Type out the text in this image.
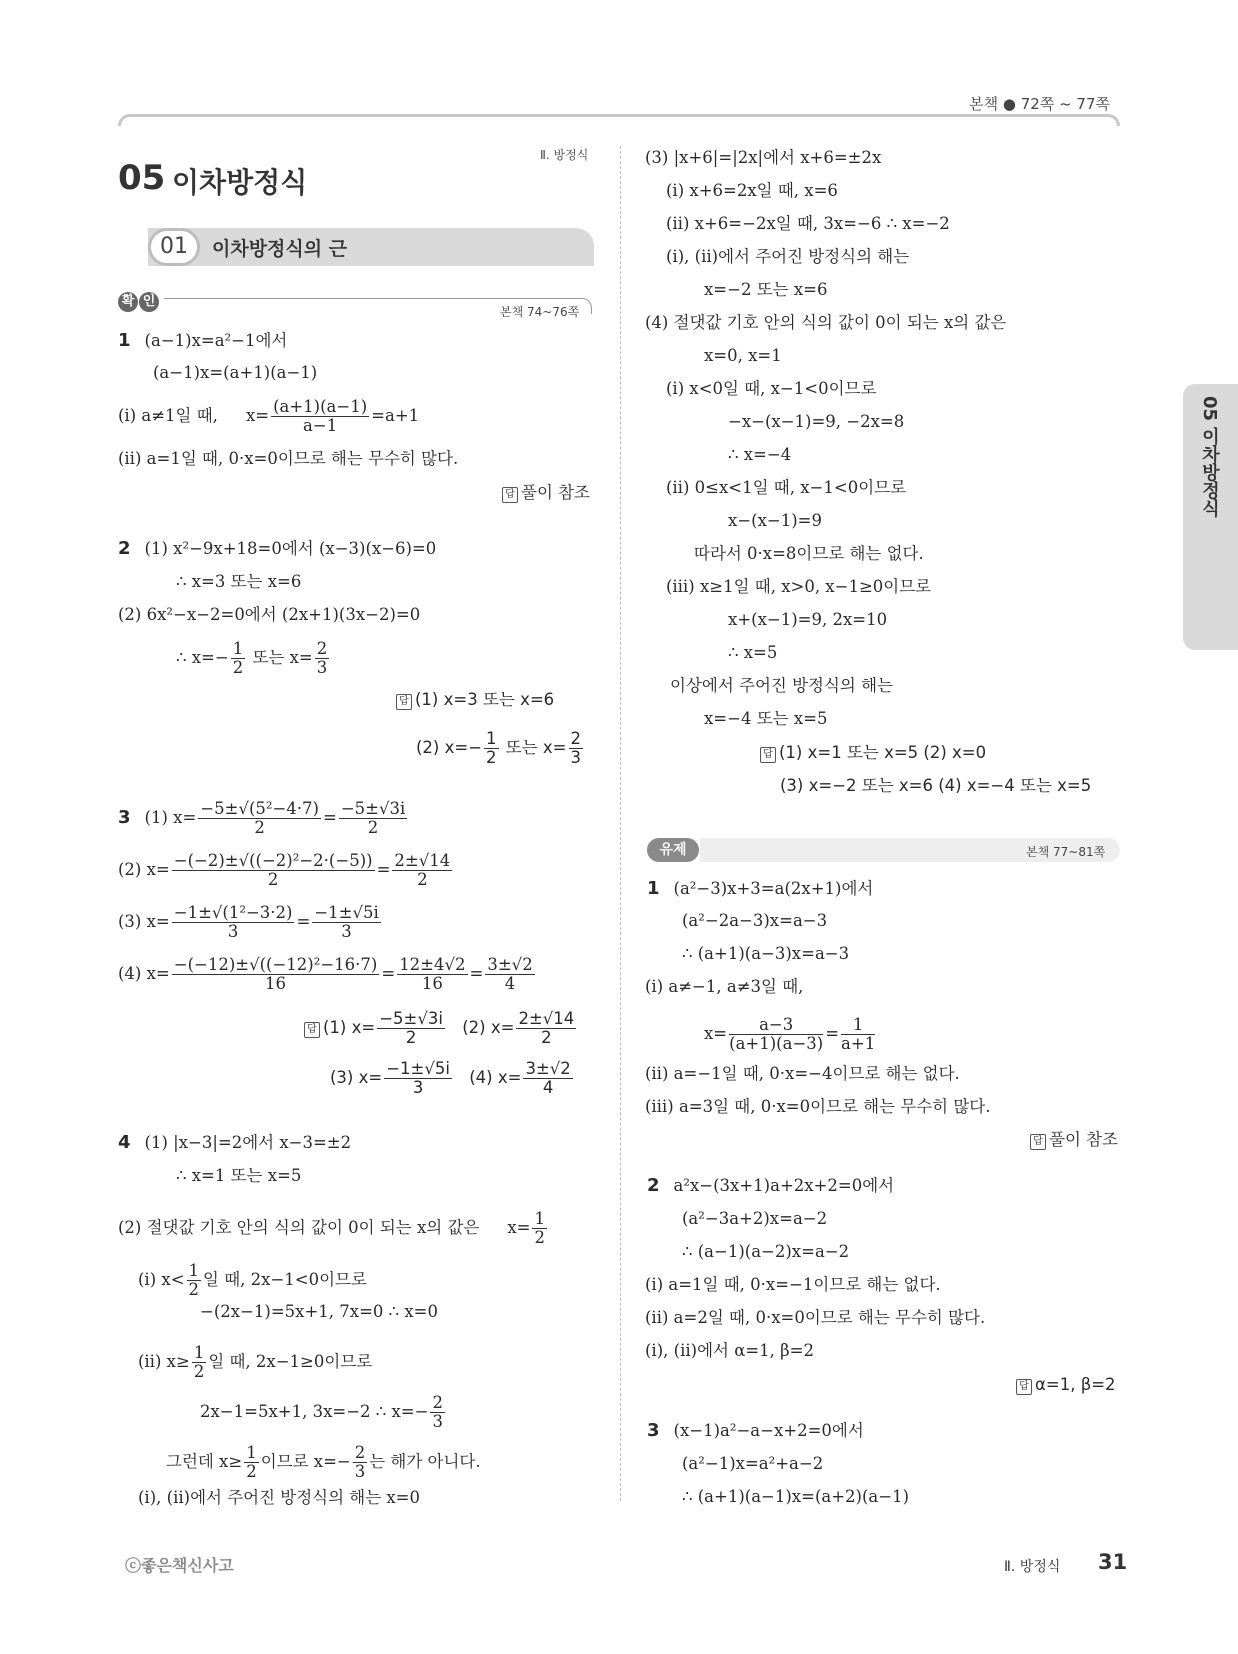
본책 ● 72쪽 ~ 77쪽
05 이차방정식
Ⅱ. 방정식
01	이차방정식의 근
확 인
본책 74~76쪽
05 이차방정식
1 (a−1)x=a²−1에서
(a−1)x=(a+1)(a−1)
(ⅰ) a≠1일 때, $x= \frac{(a+1)(a-1)}{a-1} =a+1$
(ⅱ) a=1일 때, 0·x=0이므로 해는 무수히 많다.
답 풀이 참조
2 (1) x²−9x+18=0에서 (x−3)(x−6)=0
∴ x=3 또는 x=6
(2) 6x²−x−2=0에서 (2x+1)(3x−2)=0
∴ $x=- \frac{1}{2}$ 또는 $x= \frac{2}{3}$
답 (1) x=3 또는 x=6
(2) $x=- \frac{1}{2}$ 또는 $x= \frac{2}{3}$
3 (1) $x= \frac{\text{−5±√(5²−4·7)}}{2} = \frac{-5\pm√3i}{2}$
(2) $x= \frac{\text{−(−2)±√((−2)²−2·(−5))}}{2} = \frac{2\pm√14}{2}$
(3) $x= \frac{\text{−1±√(1²−3·2)}}{3} = \frac{-1\pm√5i}{3}$
(4) $x= \frac{\text{−(−12)±√((−12)²−16·7)}}{16} = \frac{12\pm 4√2}{16} = \frac{3\pm√2}{4}$
답 (1) $x= \frac{-5\pm√3i}{2} (2)$ $x= \frac{2\pm√14}{2}$
(3) $x= \frac{-1\pm√5i}{3} (4)$ $x= \frac{3\pm√2}{4}$
4 (1) |x−3|=2에서 x−3=±2
∴ x=1 또는 x=5
(2) 절댓값 기호 안의 식의 값이 0이 되는 x의 값은 $x= \frac{1}{2}$
(ⅰ) $x< \frac{1}{2}$ 일 때, 2x−1<0이므로
−(2x−1)=5x+1, 7x=0 ∴ x=0
(ⅱ) $x\ge \frac{1}{2}$ 일 때, 2x−1≥0이므로
2x−1=5x+1, 3x=−2 ∴ $x=- \frac{2}{3}$
그런데 $x\ge \frac{1}{2}$ 이므로 $x=- \frac{2}{3}$ 는 해가 아니다.
(ⅰ), (ⅱ)에서 주어진 방정식의 해는 x=0
(3) |x+6|=|2x|에서 x+6=±2x
(ⅰ) x+6=2x일 때, x=6
(ⅱ) x+6=−2x일 때, 3x=−6 ∴ x=−2
(ⅰ), (ⅱ)에서 주어진 방정식의 해는
x=−2 또는 x=6
(4) 절댓값 기호 안의 식의 값이 0이 되는 x의 값은
x=0, x=1
(ⅰ) x<0일 때, x−1<0이므로
−x−(x−1)=9, −2x=8
∴ x=−4
(ⅱ) 0≤x<1일 때, x−1<0이므로
x−(x−1)=9
따라서 0·x=8이므로 해는 없다.
(ⅲ) x≥1일 때, x>0, x−1≥0이므로
x+(x−1)=9, 2x=10
∴ x=5
이상에서 주어진 방정식의 해는
x=−4 또는 x=5
답 (1) x=1 또는 x=5 (2) x=0
(3) x=−2 또는 x=6 (4) x=−4 또는 x=5
유제	본책 77~81쪽
1 (a²−3)x+3=a(2x+1)에서
(a²−2a−3)x=a−3
∴ (a+1)(a−3)x=a−3
(ⅰ) a≠−1, a≠3일 때,
$x= \frac{a-3}{(a+1)(a-3)} = \frac{1}{a+1}$
(ⅱ) a=−1일 때, 0·x=−4이므로 해는 없다.
(ⅲ) a=3일 때, 0·x=0이므로 해는 무수히 많다.
답 풀이 참조
2 a²x−(3x+1)a+2x+2=0에서
(a²−3a+2)x=a−2
∴ (a−1)(a−2)x=a−2
(ⅰ) a=1일 때, 0·x=−1이므로 해는 없다.
(ⅱ) a=2일 때, 0·x=0이므로 해는 무수히 많다.
(ⅰ), (ⅱ)에서 α=1, β=2
답 α=1, β=2
3 (x−1)a²−a−x+2=0에서
(a²−1)x=a²+a−2
∴ (a+1)(a−1)x=(a+2)(a−1)
ⓒ좋은책신사고	Ⅱ. 방정식 31
